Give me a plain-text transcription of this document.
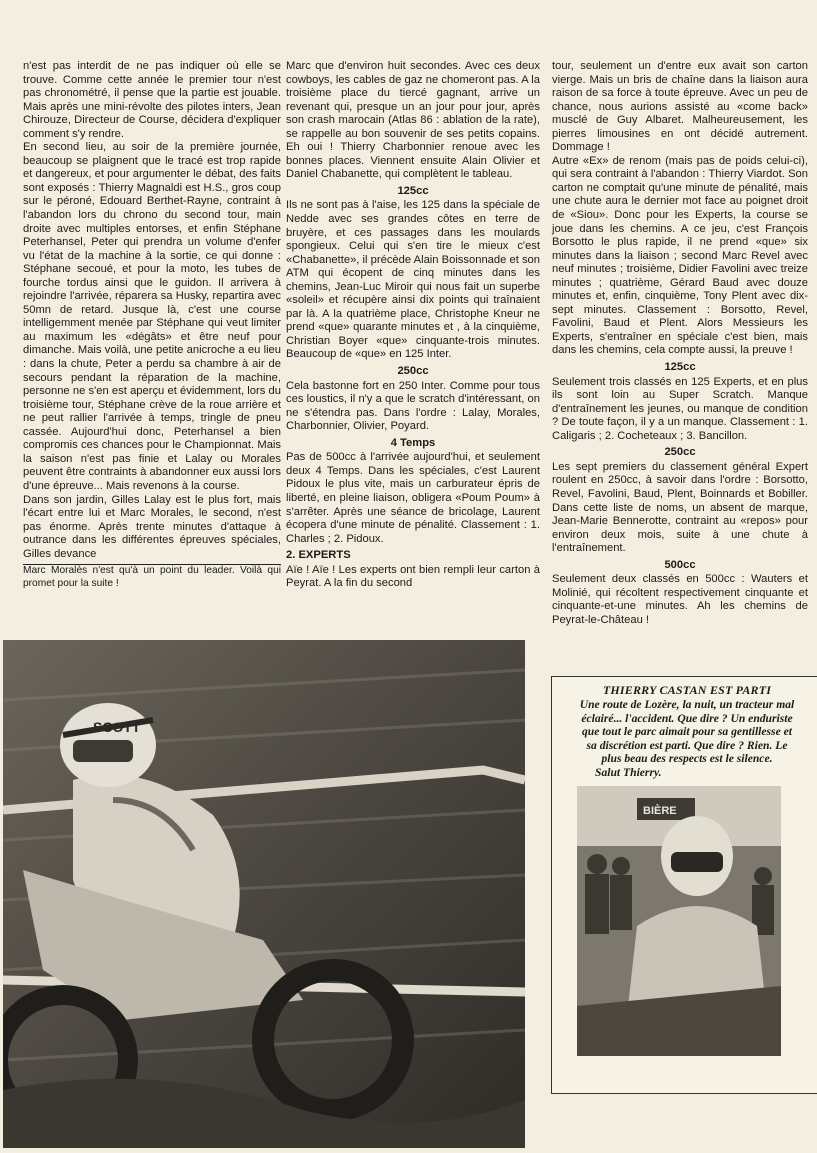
n'est pas interdit de ne pas indiquer où elle se trouve. Comme cette année le premier tour n'est pas chronométré, il pense que la partie est jouable. Mais après une mini-révolte des pilotes inters, Jean Chirouze, Directeur de Course, décidera d'expliquer comment s'y rendre.

En second lieu, au soir de la première journée, beaucoup se plaignent que le tracé est trop rapide et dangereux, et pour argumenter le débat, des faits sont exposés : Thierry Magnaldi est H.S., gros coup sur le péroné, Edouard Berthet-Rayne, contraint à l'abandon lors du chrono du second tour, main droite avec multiples entorses, et enfin Stéphane Peterhansel, Peter qui prendra un volume d'enfer vu l'état de la machine à la sortie, ce qui donne : Stéphane secoué, et pour la moto, les tubes de fourche tordus ainsi que le guidon. Il arrivera à rejoindre l'arrivée, réparera sa Husky, repartira avec 50mn de retard. Jusque là, c'est une course intelligemment menée par Stéphane qui veut limiter au maximum les «dégâts» et être neuf pour dimanche. Mais voilà, une petite anicroche a eu lieu : dans la chute, Peter a perdu sa chambre à air de secours pendant la réparation de la machine, personne ne s'en est aperçu et évidemment, lors du troisième tour, Stéphane crève de la roue arrière et ne peut rallier l'arrivée à temps, tringle de pneu cassée. Aujourd'hui donc, Peterhansel a bien compromis ces chances pour le Championnat. Mais la saison n'est pas finie et Lalay ou Morales peuvent être contraints à abandonner eux aussi lors d'une épreuve... Mais revenons à la course.

Dans son jardin, Gilles Lalay est le plus fort, mais l'écart entre lui et Marc Morales, le second, n'est pas énorme. Après trente minutes d'attaque à outrance dans les différentes épreuves spéciales, Gilles devance

Marc Moralès n'est qu'à un point du leader. Voilà qui promet pour la suite !

Marc que d'environ huit secondes. Avec ces deux cowboys, les cables de gaz ne chomeront pas. A la troisième place du tiercé gagnant, arrive un revenant qui, presque un an jour pour jour, après son crash marocain (Atlas 86 : ablation de la rate), se rappelle au bon souvenir de ses petits copains. Eh oui ! Thierry Charbonnier renoue avec les bonnes places. Viennent ensuite Alain Olivier et Daniel Chabanette, qui complètent le tableau.

125cc

Ils ne sont pas à l'aise, les 125 dans la spéciale de Nedde avec ses grandes côtes en terre de bruyère, et ces passages dans les moulards spongieux. Celui qui s'en tire le mieux c'est «Chabanette», il précède Alain Boissonnade et son ATM qui écopent de cinq minutes dans les chemins, Jean-Luc Miroir qui nous fait un superbe «soleil» et récupère ainsi dix points qui traînaient par là. A la quatrième place, Christophe Kneur ne prend «que» quarante minutes et , à la cinquième, Christian Boyer «que» cinquante-trois minutes. Beaucoup de «que» en 125 Inter.

250cc

Cela bastonne fort en 250 Inter. Comme pour tous ces loustics, il n'y a que le scratch d'intéressant, on ne s'étendra pas. Dans l'ordre : Lalay, Morales, Charbonnier, Olivier, Poyard.

4 Temps

Pas de 500cc à l'arrivée aujourd'hui, et seulement deux 4 Temps. Dans les spéciales, c'est Laurent Pidoux le plus vite, mais un carburateur épris de liberté, en pleine liaison, obligera «Poum Poum» à s'arrêter. Après une séance de bricolage, Laurent écopera d'une minute de pénalité. Classement : 1. Charles ; 2. Pidoux.

2. EXPERTS

Aïe ! Aïe ! Les experts ont bien rempli leur carton à Peyrat. A la fin du second

tour, seulement un d'entre eux avait son carton vierge. Mais un bris de chaîne dans la liaison aura raison de sa force à toute épreuve. Avec un peu de chance, nous aurions assisté au «come back» musclé de Guy Albaret. Malheureusement, les pierres limousines en ont décidé autrement. Dommage !

Autre «Ex» de renom (mais pas de poids celui-ci), qui sera contraint à l'abandon : Thierry Viardot. Son carton ne comptait qu'une minute de pénalité, mais une chute aura le dernier mot face au poignet droit de «Siou». Donc pour les Experts, la course se joue dans les chemins. A ce jeu, c'est François Borsotto le plus rapide, il ne prend «que» six minutes dans la liaison ; second Marc Revel avec neuf minutes ; troisième, Didier Favolini avec treize minutes ; quatrième, Gérard Baud avec douze minutes et, enfin, cinquième, Tony Plent avec dix-sept minutes. Classement : Borsotto, Revel, Favolini, Baud et Plent. Alors Messieurs les Experts, s'entraîner en spéciale c'est bien, mais dans les chemins, cela compte aussi, la preuve !

125cc

Seulement trois classés en 125 Experts, et en plus ils sont loin au Super Scratch. Manque d'entraînement les jeunes, ou manque de condition ? De toute façon, il y a un manque. Classement : 1. Caligaris ; 2. Cocheteaux ; 3. Bancillon.

250cc

Les sept premiers du classement général Expert roulent en 250cc, à savoir dans l'ordre : Borsotto, Revel, Favolini, Baud, Plent, Boinnards et Bobiller. Dans cette liste de noms, un absent de marque, Jean-Marie Bennerotte, contraint au «repos» pour environ deux mois, suite à une chute à l'entraînement.

500cc

Seulement deux classés en 500cc : Wauters et Molinié, qui récoltent respectivement cinquante et cinquante-et-une minutes. Ah les chemins de Peyrat-le-Château !

SCOTT
THIERRY CASTAN EST PARTI

Une route de Lozère, la nuit, un tracteur mal éclairé... l'accident. Que dire ? Un enduriste que tout le parc aimait pour sa gentillesse et sa discrétion est parti. Que dire ? Rien. Le plus beau des respects est le silence.

Salut Thierry.

BIÈRE
